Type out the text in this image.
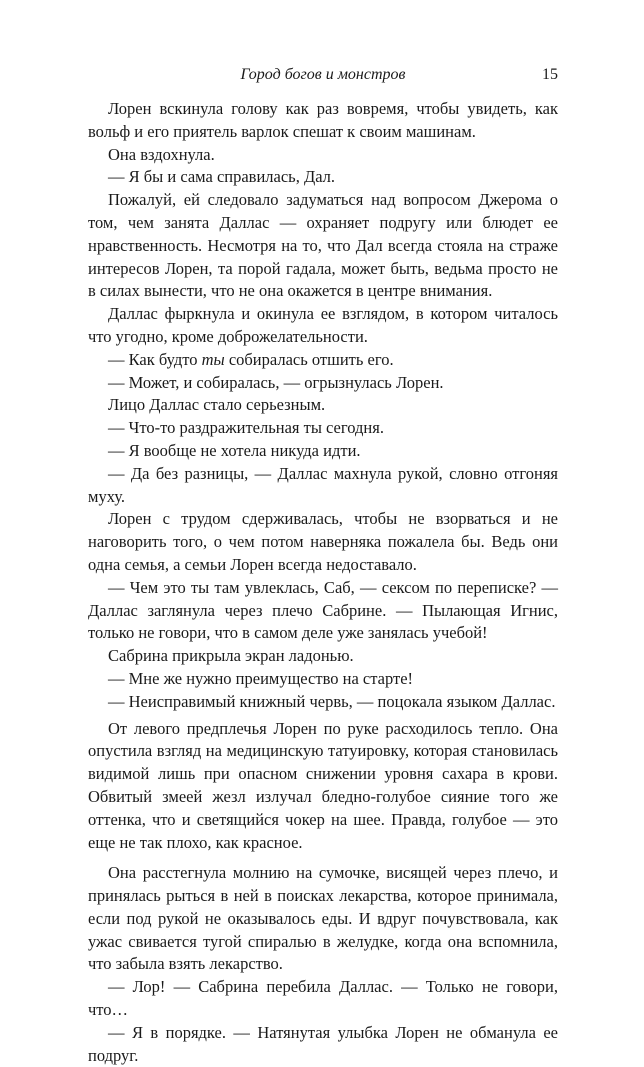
Город богов и монстров	15

Лорен вскинула голову как раз вовремя, чтобы увидеть, как вольф и его приятель варлок спешат к своим машинам.

Она вздохнула.

— Я бы и сама справилась, Дал.

Пожалуй, ей следовало задуматься над вопросом Джерома о том, чем занята Даллас — охраняет подругу или блюдет ее нравственность. Несмотря на то, что Дал всегда стояла на страже интересов Лорен, та порой гадала, может быть, ведьма просто не в силах вынести, что не она окажется в центре внимания.

Даллас фыркнула и окинула ее взглядом, в котором читалось что угодно, кроме доброжелательности.

— Как будто ты собиралась отшить его.

— Может, и собиралась, — огрызнулась Лорен.

Лицо Даллас стало серьезным.

— Что-то раздражительная ты сегодня.

— Я вообще не хотела никуда идти.

— Да без разницы, — Даллас махнула рукой, словно отгоняя муху.

Лорен с трудом сдерживалась, чтобы не взорваться и не наговорить того, о чем потом наверняка пожалела бы. Ведь они одна семья, а семьи Лорен всегда недоставало.

— Чем это ты там увлеклась, Саб, — сексом по переписке? — Даллас заглянула через плечо Сабрине. — Пылающая Игнис, только не говори, что в самом деле уже занялась учебой!

Сабрина прикрыла экран ладонью.

— Мне же нужно преимущество на старте!

— Неисправимый книжный червь, — поцокала языком Даллас.

От левого предплечья Лорен по руке расходилось тепло. Она опустила взгляд на медицинскую татуировку, которая становилась видимой лишь при опасном снижении уровня сахара в крови. Обвитый змеей жезл излучал бледно-голубое сияние того же оттенка, что и светящийся чокер на шее. Правда, голубое — это еще не так плохо, как красное.

Она расстегнула молнию на сумочке, висящей через плечо, и принялась рыться в ней в поисках лекарства, которое принимала, если под рукой не оказывалось еды. И вдруг почувствовала, как ужас свивается тугой спиралью в желудке, когда она вспомнила, что забыла взять лекарство.

— Лор! — Сабрина перебила Даллас. — Только не говори, что…

— Я в порядке. — Натянутая улыбка Лорен не обманула ее подруг.
